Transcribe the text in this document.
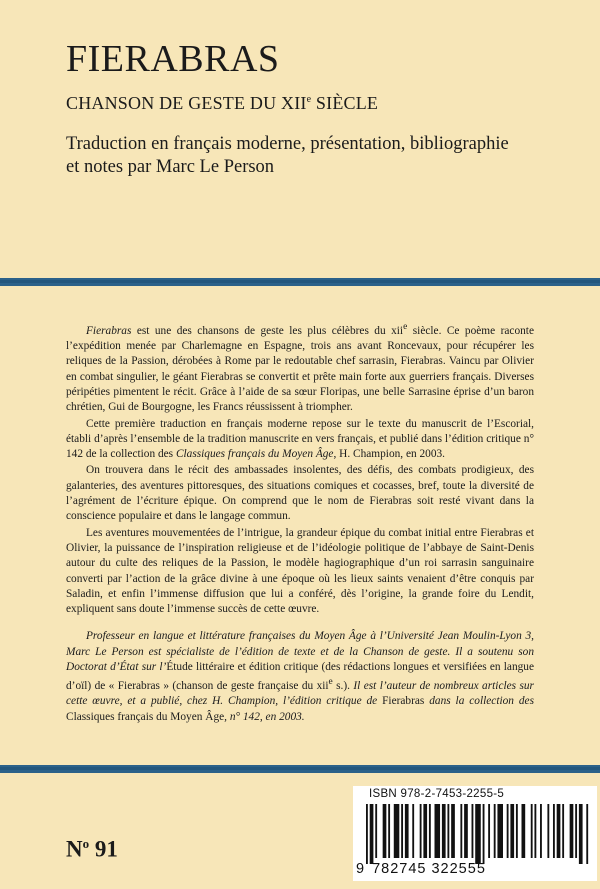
FIERABRAS
CHANSON DE GESTE DU XIIe SIÈCLE
Traduction en français moderne, présentation, bibliographie et notes par Marc Le Person

Fierabras est une des chansons de geste les plus célèbres du xii$^e$ siècle. Ce poème raconte l’expédition menée par Charlemagne en Espagne, trois ans avant Roncevaux, pour récupérer les reliques de la Passion, dérobées à Rome par le redoutable chef sarrasin, Fierabras. Vaincu par Olivier en combat singulier, le géant Fierabras se convertit et prête main forte aux guerriers français. Diverses péripéties pimentent le récit. Grâce à l’aide de sa sœur Floripas, une belle Sarrasine éprise d’un baron chrétien, Gui de Bourgogne, les Francs réussissent à triompher.

Cette première traduction en français moderne repose sur le texte du manuscrit de l’Escorial, établi d’après l’ensemble de la tradition manuscrite en vers français, et publié dans l’édition critique n° 142 de la collection des Classiques français du Moyen Âge, H. Champion, en 2003.

On trouvera dans le récit des ambassades insolentes, des défis, des combats prodigieux, des galanteries, des aventures pittoresques, des situations comiques et cocasses, bref, toute la diversité de l’agrément de l’écriture épique. On comprend que le nom de Fierabras soit resté vivant dans la conscience populaire et dans le langage commun.

Les aventures mouvementées de l’intrigue, la grandeur épique du combat initial entre Fierabras et Olivier, la puissance de l’inspiration religieuse et de l’idéologie politique de l’abbaye de Saint-Denis autour du culte des reliques de la Passion, le modèle hagiographique d’un roi sarrasin sanguinaire converti par l’action de la grâce divine à une époque où les lieux saints venaient d’être conquis par Saladin, et enfin l’immense diffusion que lui a conféré, dès l’origine, la grande foire du Lendit, expliquent sans doute l’immense succès de cette œuvre.

Professeur en langue et littérature françaises du Moyen Âge à l’Université Jean Moulin-Lyon 3, Marc Le Person est spécialiste de l’édition de texte et de la Chanson de geste. Il a soutenu son Doctorat d’État sur l’Étude littéraire et édition critique (des rédactions longues et versifiées en langue d’oïl) de « Fierabras » (chanson de geste française du xii$^e$ s.). Il est l’auteur de nombreux articles sur cette œuvre, et a publié, chez H. Champion, l’édition critique de Fierabras dans la collection des Classiques français du Moyen Âge, n° 142, en 2003.

$N^o$ 91
ISBN 978-2-7453-2255-5
9 782745 322555
